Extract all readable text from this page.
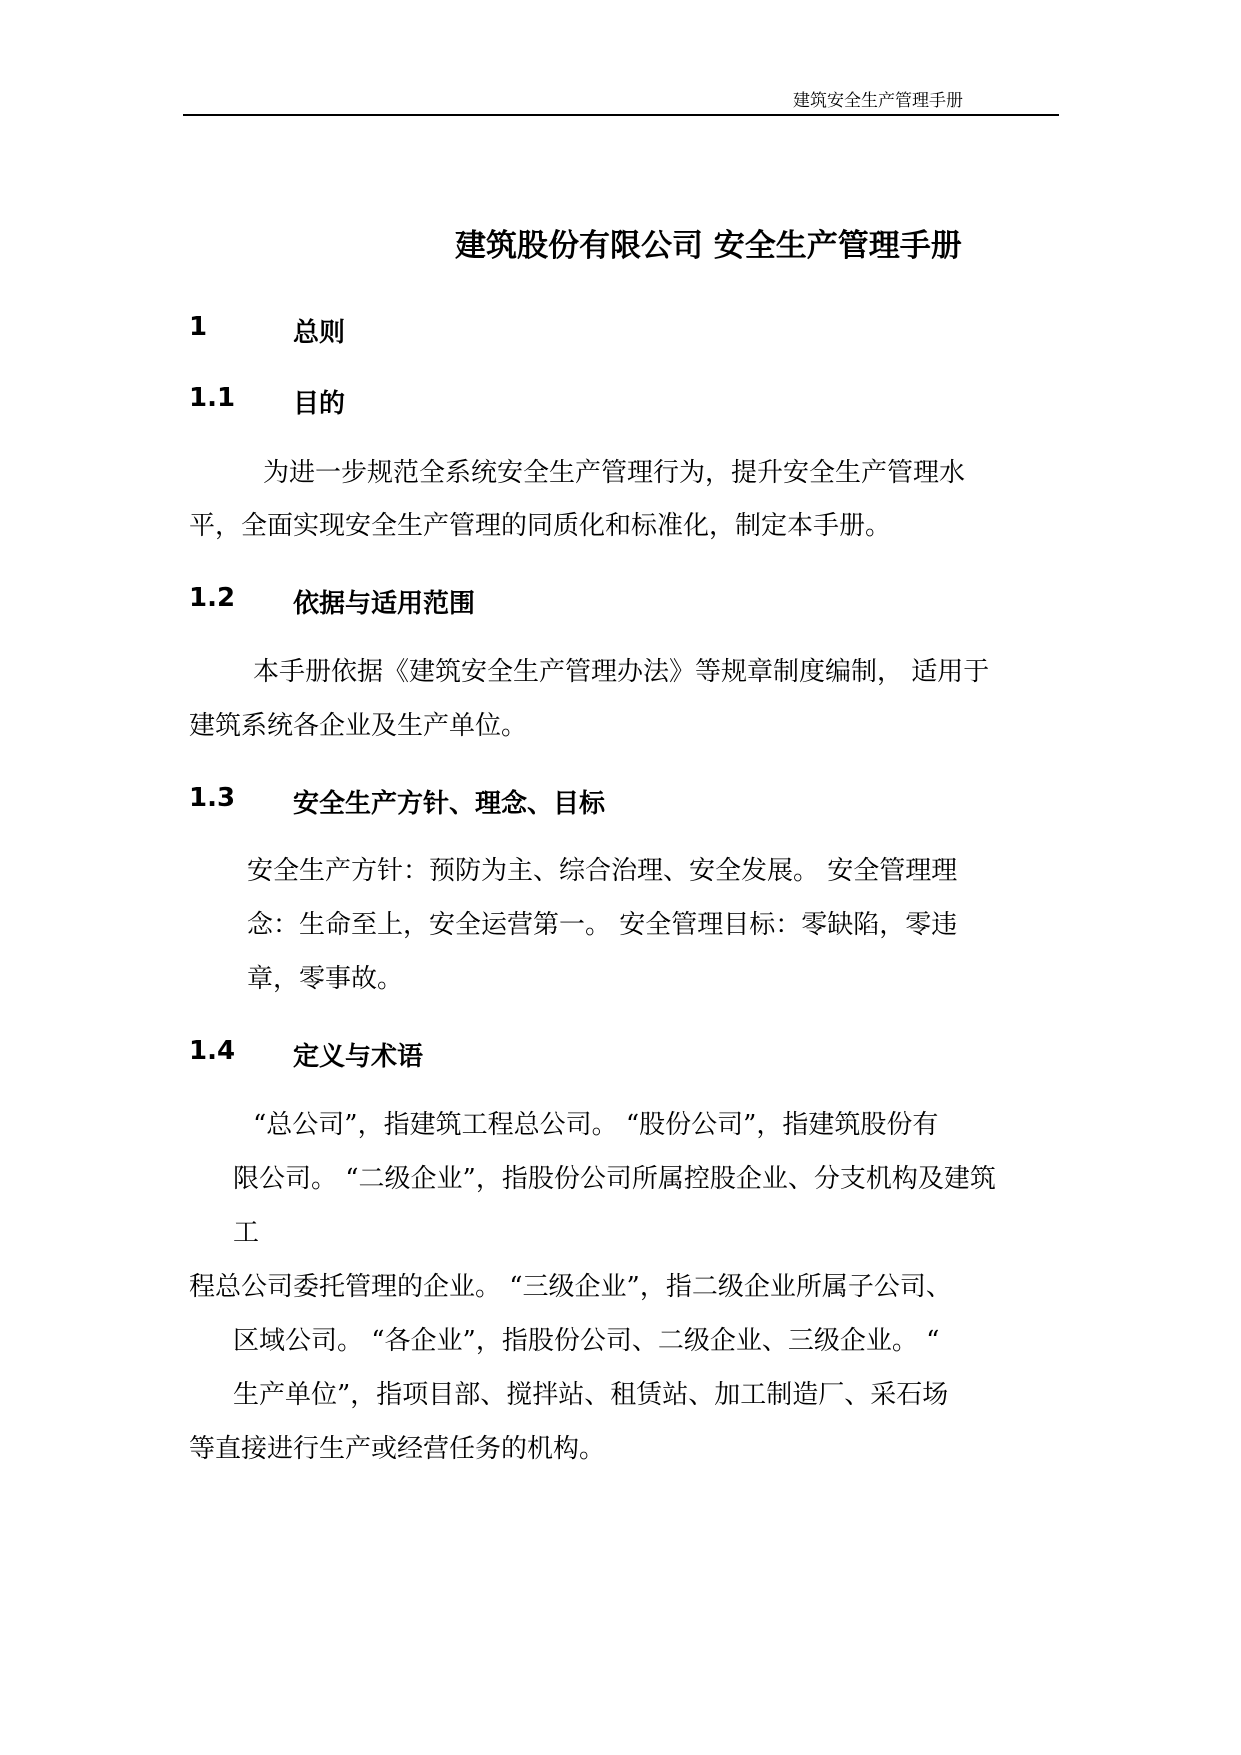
建筑安全生产管理手册
建筑股份有限公司 安全生产管理手册
1	总则
1.1 目的
为进一步规范全系统安全生产管理行为，提升安全生产管理水
平，全面实现安全生产管理的同质化和标准化，制定本手册。
1.2 依据与适用范围
本手册依据《建筑安全生产管理办法》等规章制度编制， 适用于
建筑系统各企业及生产单位。
1.3 安全生产方针、理念、目标
安全生产方针：预防为主、综合治理、安全发展。 安全管理理
念：生命至上，安全运营第一。 安全管理目标：零缺陷，零违
章，零事故。
1.4 定义与术语
“总公司”，指建筑工程总公司。 “股份公司”，指建筑股份有
限公司。 “二级企业”，指股份公司所属控股企业、分支机构及建筑
工
程总公司委托管理的企业。 “三级企业”，指二级企业所属子公司、
区域公司。 “各企业”，指股份公司、二级企业、三级企业。 “
生产单位”，指项目部、搅拌站、租赁站、加工制造厂、采石场
等直接进行生产或经营任务的机构。
